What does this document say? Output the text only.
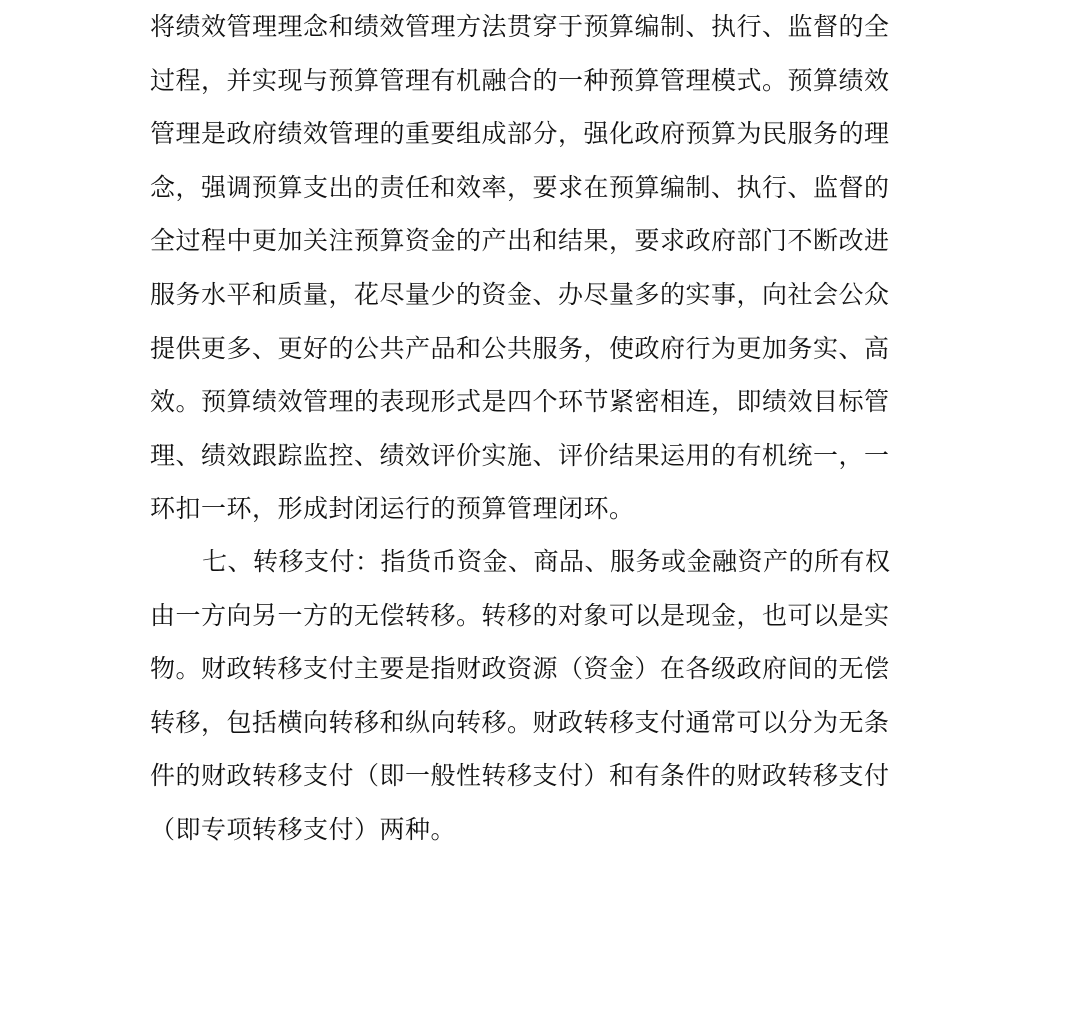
将绩效管理理念和绩效管理方法贯穿于预算编制、执行、监督的全
过程，并实现与预算管理有机融合的一种预算管理模式。预算绩效
管理是政府绩效管理的重要组成部分，强化政府预算为民服务的理
念，强调预算支出的责任和效率，要求在预算编制、执行、监督的
全过程中更加关注预算资金的产出和结果，要求政府部门不断改进
服务水平和质量，花尽量少的资金、办尽量多的实事，向社会公众
提供更多、更好的公共产品和公共服务，使政府行为更加务实、高
效。预算绩效管理的表现形式是四个环节紧密相连，即绩效目标管
理、绩效跟踪监控、绩效评价实施、评价结果运用的有机统一，一
环扣一环，形成封闭运行的预算管理闭环。
七、转移支付：指货币资金、商品、服务或金融资产的所有权
由一方向另一方的无偿转移。转移的对象可以是现金，也可以是实
物。财政转移支付主要是指财政资源（资金）在各级政府间的无偿
转移，包括横向转移和纵向转移。财政转移支付通常可以分为无条
件的财政转移支付（即一般性转移支付）和有条件的财政转移支付
（即专项转移支付）两种。
